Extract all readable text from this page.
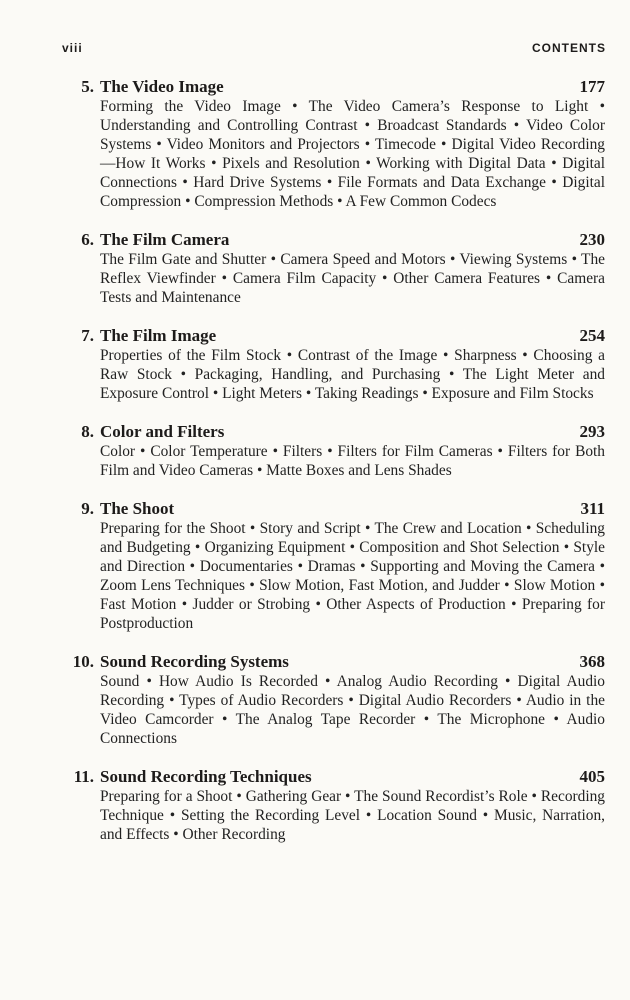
viii	CONTENTS
5. The Video Image	177

Forming the Video Image • The Video Camera’s Response to Light • Understanding and Controlling Contrast • Broadcast Standards • Video Color Systems • Video Monitors and Projectors • Timecode • Digital Video Recording—How It Works • Pixels and Resolution • Working with Digital Data • Digital Connections • Hard Drive Systems • File Formats and Data Exchange • Digital Compression • Compression Methods • A Few Common Codecs

6. The Film Camera	230

The Film Gate and Shutter • Camera Speed and Motors • Viewing Systems • The Reflex Viewfinder • Camera Film Capacity • Other Camera Features • Camera Tests and Maintenance

7. The Film Image	254

Properties of the Film Stock • Contrast of the Image • Sharpness • Choosing a Raw Stock • Packaging, Handling, and Purchasing • The Light Meter and Exposure Control • Light Meters • Taking Readings • Exposure and Film Stocks

8. Color and Filters	293

Color • Color Temperature • Filters • Filters for Film Cameras • Filters for Both Film and Video Cameras • Matte Boxes and Lens Shades

9. The Shoot	311

Preparing for the Shoot • Story and Script • The Crew and Location • Scheduling and Budgeting • Organizing Equipment • Composition and Shot Selection • Style and Direction • Documentaries • Dramas • Supporting and Moving the Camera • Zoom Lens Techniques • Slow Motion, Fast Motion, and Judder • Slow Motion • Fast Motion • Judder or Strobing • Other Aspects of Production • Preparing for Postproduction

10. Sound Recording Systems	368

Sound • How Audio Is Recorded • Analog Audio Recording • Digital Audio Recording • Types of Audio Recorders • Digital Audio Recorders • Audio in the Video Camcorder • The Analog Tape Recorder • The Microphone • Audio Connections

11. Sound Recording Techniques	405

Preparing for a Shoot • Gathering Gear • The Sound Recordist’s Role • Recording Technique • Setting the Recording Level • Location Sound • Music, Narration, and Effects • Other Recording
